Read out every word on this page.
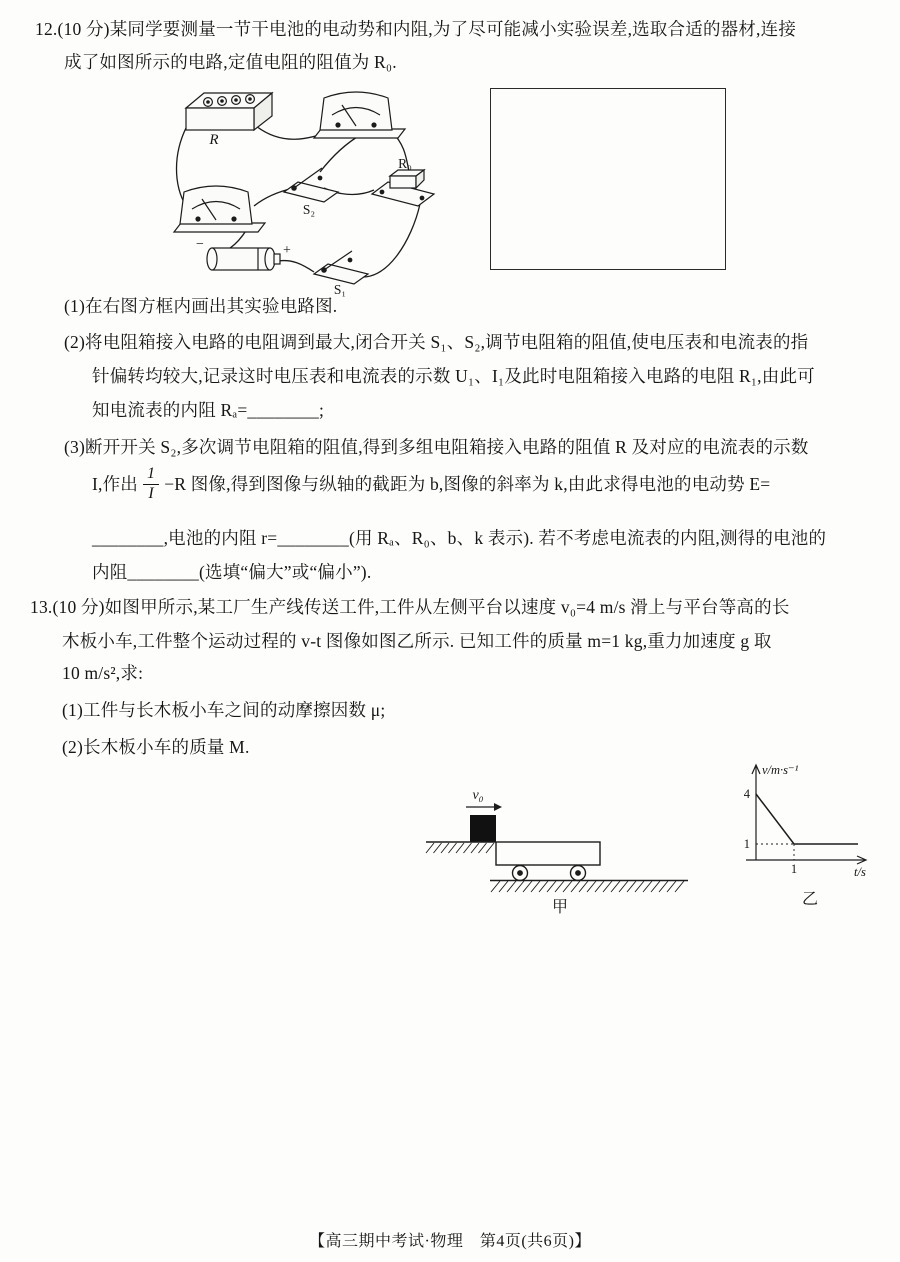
12.(10 分)某同学要测量一节干电池的电动势和内阻,为了尽可能减小实验误差,选取合适的器材,连接
成了如图所示的电路,定值电阻的阻值为 R₀.
R
S₂
R₀
−	+
S₁
(1)在右图方框内画出其实验电路图.
(2)将电阻箱接入电路的电阻调到最大,闭合开关 S₁、S₂,调节电阻箱的阻值,使电压表和电流表的指
针偏转均较大,记录这时电压表和电流表的示数 U₁、I₁及此时电阻箱接入电路的电阻 R₁,由此可
知电流表的内阻 Rₐ=________;
(3)断开开关 S₂,多次调节电阻箱的阻值,得到多组电阻箱接入电路的阻值 R 及对应的电流表的示数
I,作出 $\frac{1}{I} -R$ 图像,得到图像与纵轴的截距为 b,图像的斜率为 k,由此求得电池的电动势 E=
________,电池的内阻 r=________(用 Rₐ、R₀、b、k 表示). 若不考虑电流表的内阻,测得的电池的
内阻________(选填“偏大”或“偏小”).
13.(10 分)如图甲所示,某工厂生产线传送工件,工件从左侧平台以速度 v₀=4 m/s 滑上与平台等高的长
木板小车,工件整个运动过程的 v-t 图像如图乙所示. 已知工件的质量 m=1 kg,重力加速度 g 取
10 m/s²,求:
(1)工件与长木板小车之间的动摩擦因数 μ;
(2)长木板小车的质量 M.
v₀
甲
v/m·s⁻¹
t/s
4
1
1
乙
【高三期中考试·物理　第4页(共6页)】
